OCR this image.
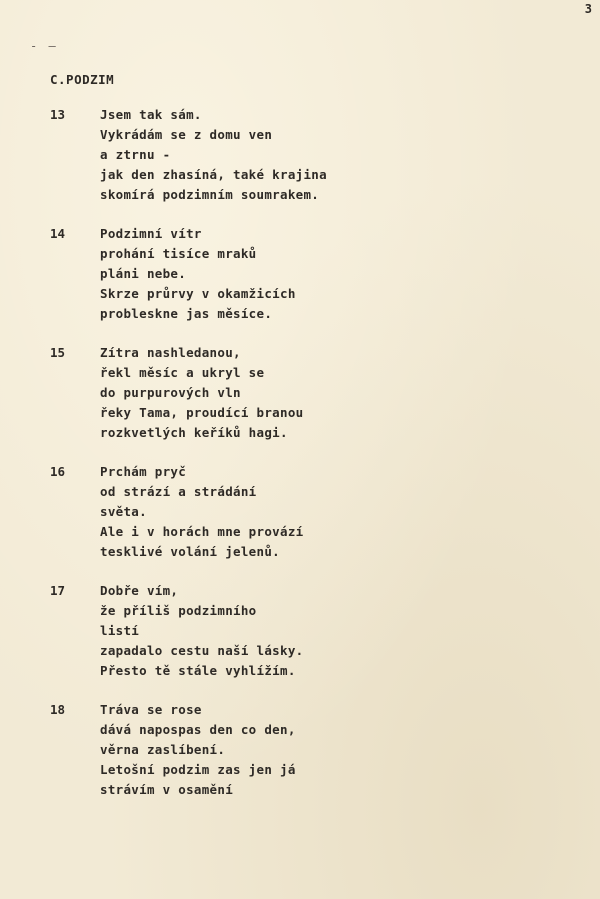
3
‐ ‒
C.PODZIM
13	Jsem tak sám.
Vykrádám se z domu ven
a ztrnu -
jak den zhasíná, také krajina
skomírá podzimním soumrakem.
14	Podzimní vítr
prohání tisíce mraků
pláni nebe.
Skrze průrvy v okamžicích
probleskne jas měsíce.
15	Zítra nashledanou,
řekl měsíc a ukryl se
do purpurových vln
řeky Tama, proudící branou
rozkvetlých keříků hagi.
16	Prchám pryč
od strází a strádání
světa.
Ale i v horách mne provází
tesklivé volání jelenů.
17	Dobře vím,
že příliš podzimního
listí
zapadalo cestu naší lásky.
Přesto tě stále vyhlížím.
18	Tráva se rose
dává napospas den co den,
věrna zaslíbení.
Letošní podzim zas jen já
strávím v osamění
